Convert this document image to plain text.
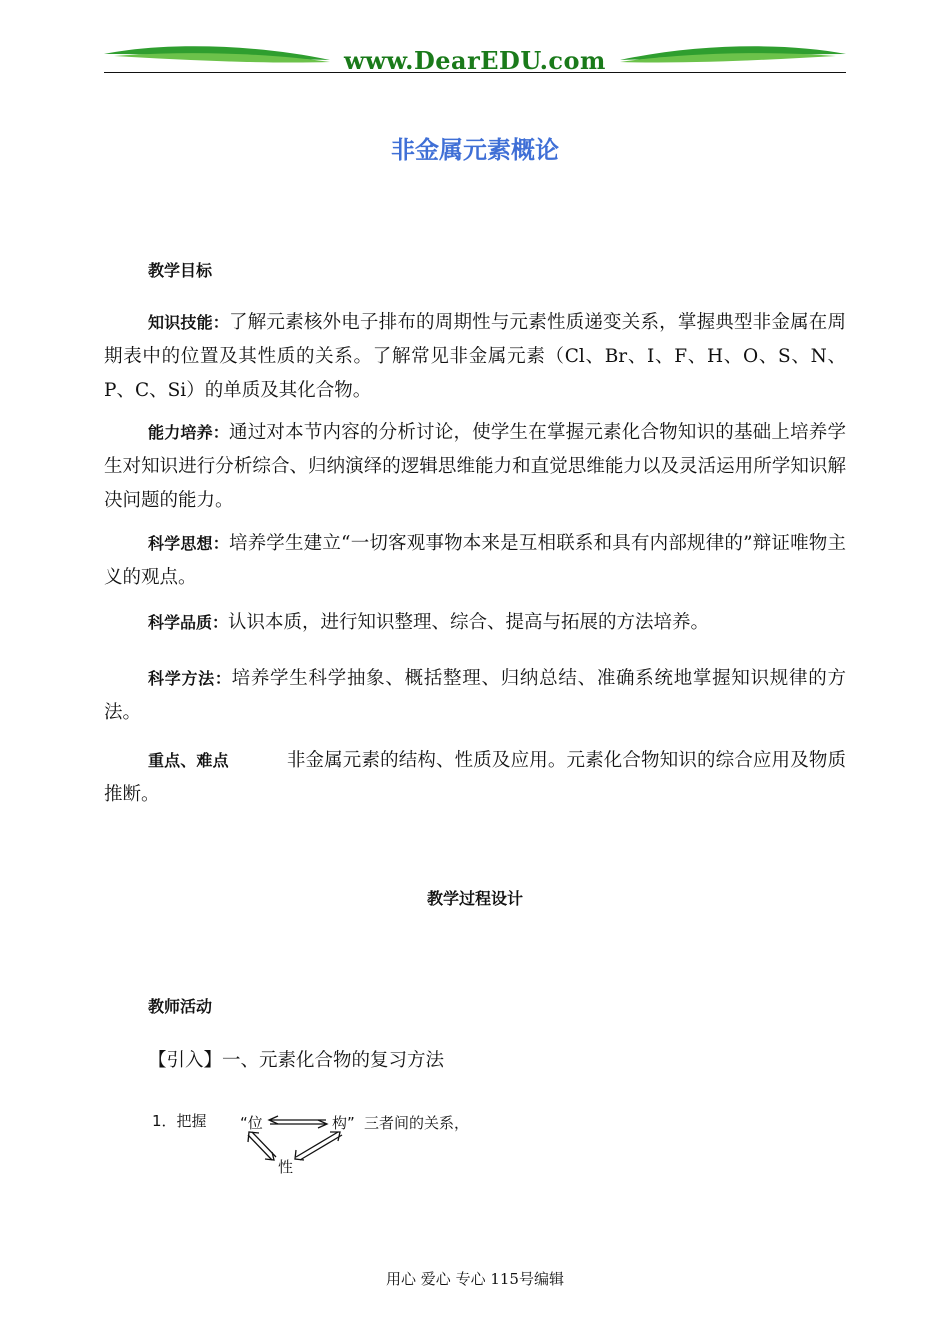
www.DearEDU.com
非金属元素概论
教学目标
知识技能：了解元素核外电子排布的周期性与元素性质递变关系，掌握典型非金属在周期表中的位置及其性质的关系。了解常见非金属元素（Cl、Br、I、F、H、O、S、N、P、C、Si）的单质及其化合物。
能力培养：通过对本节内容的分析讨论，使学生在掌握元素化合物知识的基础上培养学生对知识进行分析综合、归纳演绎的逻辑思维能力和直觉思维能力以及灵活运用所学知识解决问题的能力。
科学思想：培养学生建立“一切客观事物本来是互相联系和具有内部规律的”辩证唯物主义的观点。
科学品质：认识本质，进行知识整理、综合、提高与拓展的方法培养。
科学方法：培养学生科学抽象、概括整理、归纳总结、准确系统地掌握知识规律的方法。
重点、难点	非金属元素的结构、性质及应用。元素化合物知识的综合应用及物质推断。
教学过程设计
教师活动
【引入】一、元素化合物的复习方法
1．把握 “位	构” 三者间的关系，
性
用心 爱心 专心 115号编辑
